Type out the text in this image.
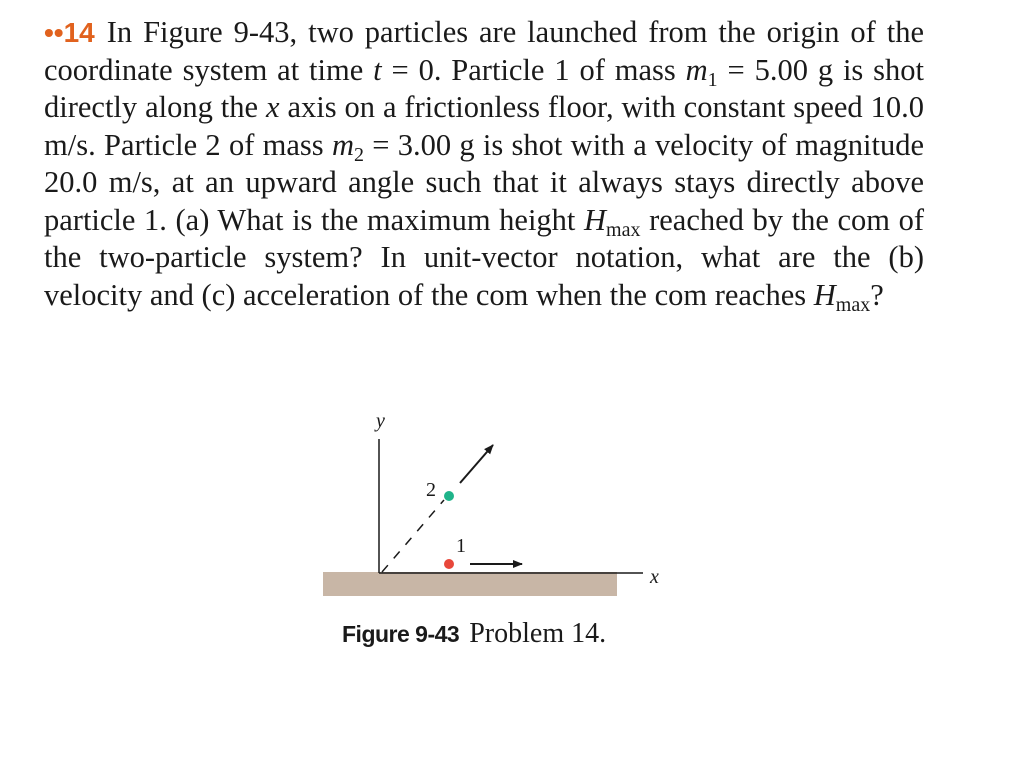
••14 In Figure 9-43, two particles are launched from the origin of the coordinate system at time t = 0. Particle 1 of mass $m_1 = 5.00$ g is shot directly along the x axis on a frictionless floor, with constant speed 10.0 m/s. Particle 2 of mass $m_2 = 3.00$ g is shot with a velocity of magnitude 20.0 m/s, at an upward angle such that it always stays directly above particle 1. (a) What is the maximum height $H_{max}$ reached by the com of the two-particle system? In unit-vector notation, what are the (b) velocity and (c) acceleration of the com when the com reaches $H_{max}$?
y
x
2
1
Figure 9-43 Problem 14.
